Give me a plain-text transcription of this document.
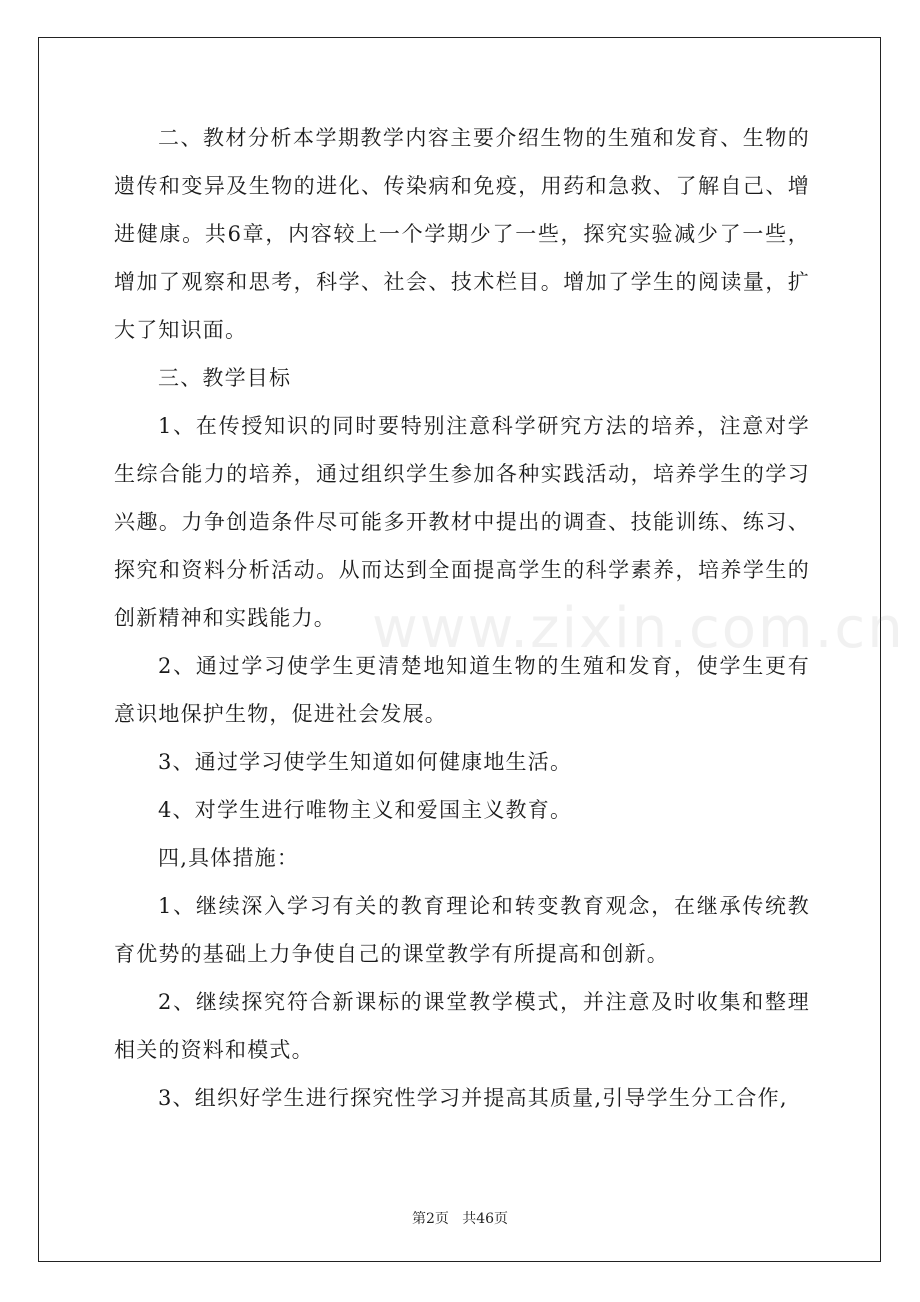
www.zixin.com.cn

二、教材分析本学期教学内容主要介绍生物的生殖和发育、生物的遗传和变异及生物的进化、传染病和免疫，用药和急救、了解自己、增进健康。共6章，内容较上一个学期少了一些，探究实验减少了一些，增加了观察和思考，科学、社会、技术栏目。增加了学生的阅读量，扩大了知识面。

三、教学目标

1、在传授知识的同时要特别注意科学研究方法的培养，注意对学生综合能力的培养，通过组织学生参加各种实践活动，培养学生的学习兴趣。力争创造条件尽可能多开教材中提出的调查、技能训练、练习、探究和资料分析活动。从而达到全面提高学生的科学素养，培养学生的创新精神和实践能力。

2、通过学习使学生更清楚地知道生物的生殖和发育，使学生更有意识地保护生物，促进社会发展。

3、通过学习使学生知道如何健康地生活。

4、对学生进行唯物主义和爱国主义教育。

四,具体措施：

1、继续深入学习有关的教育理论和转变教育观念，在继承传统教育优势的基础上力争使自己的课堂教学有所提高和创新。

2、继续探究符合新课标的课堂教学模式，并注意及时收集和整理相关的资料和模式。

3、组织好学生进行探究性学习并提高其质量,引导学生分工合作,

第2页   共46页
